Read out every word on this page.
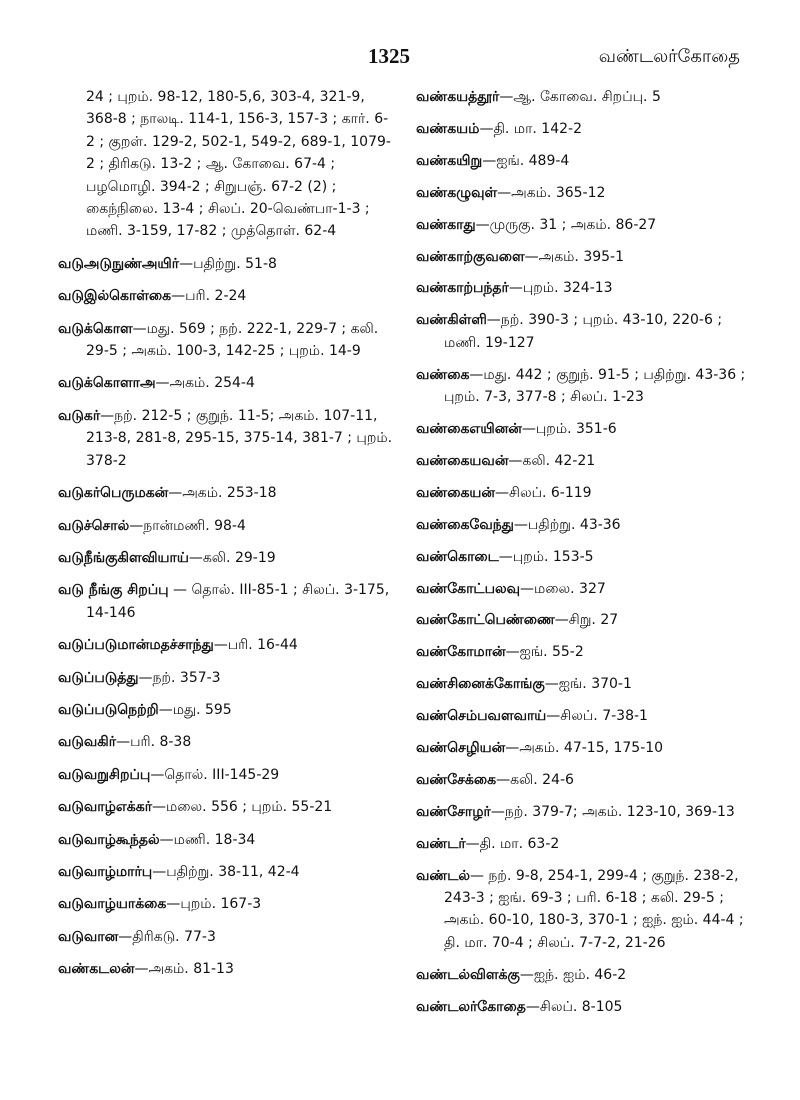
1325	வண்டலர்கோதை

24 ; புறம். 98-12, 180-5,6, 303-4, 321-9, 368-8 ; நாலடி. 114-1, 156-3, 157-3 ; கார். 6-2 ; குறள். 129-2, 502-1, 549-2, 689-1, 1079-2 ; திரிகடு. 13-2 ; ஆ. கோவை. 67-4 ; பழமொழி. 394-2 ; சிறுபஞ். 67-2 (2) ; கைந்நிலை. 13-4 ; சிலப். 20-வெண்பா-1-3 ; மணி. 3-159, 17-82 ; முத்தொள். 62-4

வடுஅடுநுண்அயிர்—பதிற்று. 51-8

வடுஇல்கொள்கை—பரி. 2-24

வடுக்கொள—மது. 569 ; நற். 222-1, 229-7 ; கலி. 29-5 ; அகம். 100-3, 142-25 ; புறம். 14-9

வடுக்கொளாஅ—அகம். 254-4

வடுகர்—நற். 212-5 ; குறுந். 11-5; அகம். 107-11, 213-8, 281-8, 295-15, 375-14, 381-7 ; புறம். 378-2

வடுகர்பெருமகன்—அகம். 253-18

வடுச்சொல்—நான்மணி. 98-4

வடுநீங்குகிளவியாய்—கலி. 29-19

வடு நீங்கு சிறப்பு — தொல். III-85-1 ; சிலப். 3-175, 14-146

வடுப்படுமான்மதச்சாந்து—பரி. 16-44

வடுப்படுத்து—நற். 357-3

வடுப்படுநெற்றி—மது. 595

வடுவகிர்—பரி. 8-38

வடுவறுசிறப்பு—தொல். III-145-29

வடுவாழ்எக்கர்—மலை. 556 ; புறம். 55-21

வடுவாழ்கூந்தல்—மணி. 18-34

வடுவாழ்மார்பு—பதிற்று. 38-11, 42-4

வடுவாழ்யாக்கை—புறம். 167-3

வடுவான—திரிகடு. 77-3

வண்கடலன்—அகம். 81-13

வண்கயத்தூர்—ஆ. கோவை. சிறப்பு. 5

வண்கயம்—தி. மா. 142-2

வண்கயிறு—ஐங். 489-4

வண்கழுவுள்—அகம். 365-12

வண்காது—முருகு. 31 ; அகம். 86-27

வண்காற்குவளை—அகம். 395-1

வண்காற்பந்தர்—புறம். 324-13

வண்கிள்ளி—நற். 390-3 ; புறம். 43-10, 220-6 ; மணி. 19-127

வண்கை—மது. 442 ; குறுந். 91-5 ; பதிற்று. 43-36 ; புறம். 7-3, 377-8 ; சிலப். 1-23

வண்கைஎயினன்—புறம். 351-6

வண்கையவன்—கலி. 42-21

வண்கையன்—சிலப். 6-119

வண்கைவேந்து—பதிற்று. 43-36

வண்கொடை—புறம். 153-5

வண்கோட்பலவு—மலை. 327

வண்கோட்பெண்ணை—சிறு. 27

வண்கோமான்—ஐங். 55-2

வண்சினைக்கோங்கு—ஐங். 370-1

வண்செம்பவளவாய்—சிலப். 7-38-1

வண்செழியன்—அகம். 47-15, 175-10

வண்சேக்கை—கலி. 24-6

வண்சோழர்—நற். 379-7; அகம். 123-10, 369-13

வண்டர்—தி. மா. 63-2

வண்டல்— நற். 9-8, 254-1, 299-4 ; குறுந். 238-2, 243-3 ; ஐங். 69-3 ; பரி. 6-18 ; கலி. 29-5 ; அகம். 60-10, 180-3, 370-1 ; ஐந். ஐம். 44-4 ; தி. மா. 70-4 ; சிலப். 7-7-2, 21-26

வண்டல்விளக்கு—ஐந். ஐம். 46-2

வண்டலர்கோதை—சிலப். 8-105
